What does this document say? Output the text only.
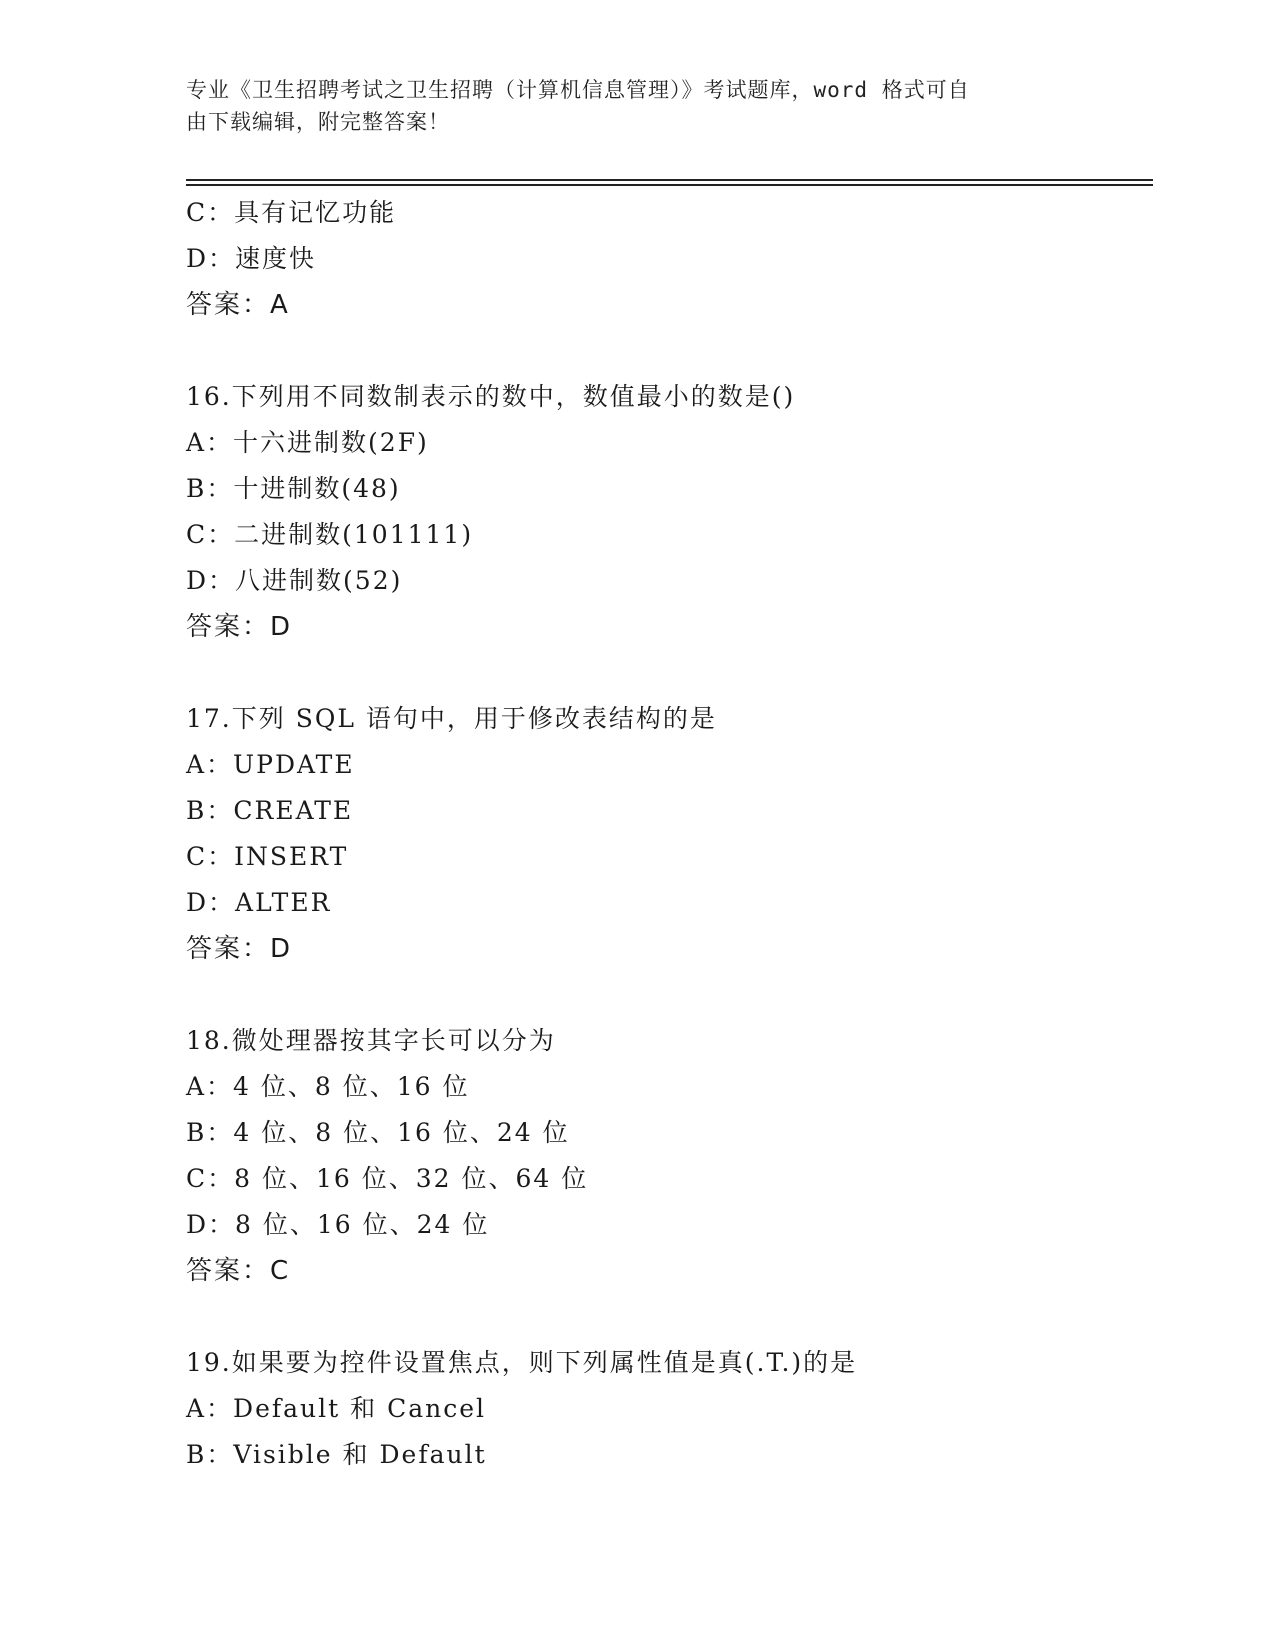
专业《卫生招聘考试之卫生招聘（计算机信息管理）》考试题库，word 格式可自
由下载编辑，附完整答案！
C：具有记忆功能
D：速度快
答案：A
16.下列用不同数制表示的数中，数值最小的数是()
A：十六进制数(2F)
B：十进制数(48)
C：二进制数(101111)
D：八进制数(52)
答案：D
17.下列 SQL 语句中，用于修改表结构的是
A：UPDATE
B：CREATE
C：INSERT
D：ALTER
答案：D
18.微处理器按其字长可以分为
A：4 位、8 位、16 位
B：4 位、8 位、16 位、24 位
C：8 位、16 位、32 位、64 位
D：8 位、16 位、24 位
答案：C
19.如果要为控件设置焦点，则下列属性值是真(.T.)的是
A：Default 和 Cancel
B：Visible 和 Default
